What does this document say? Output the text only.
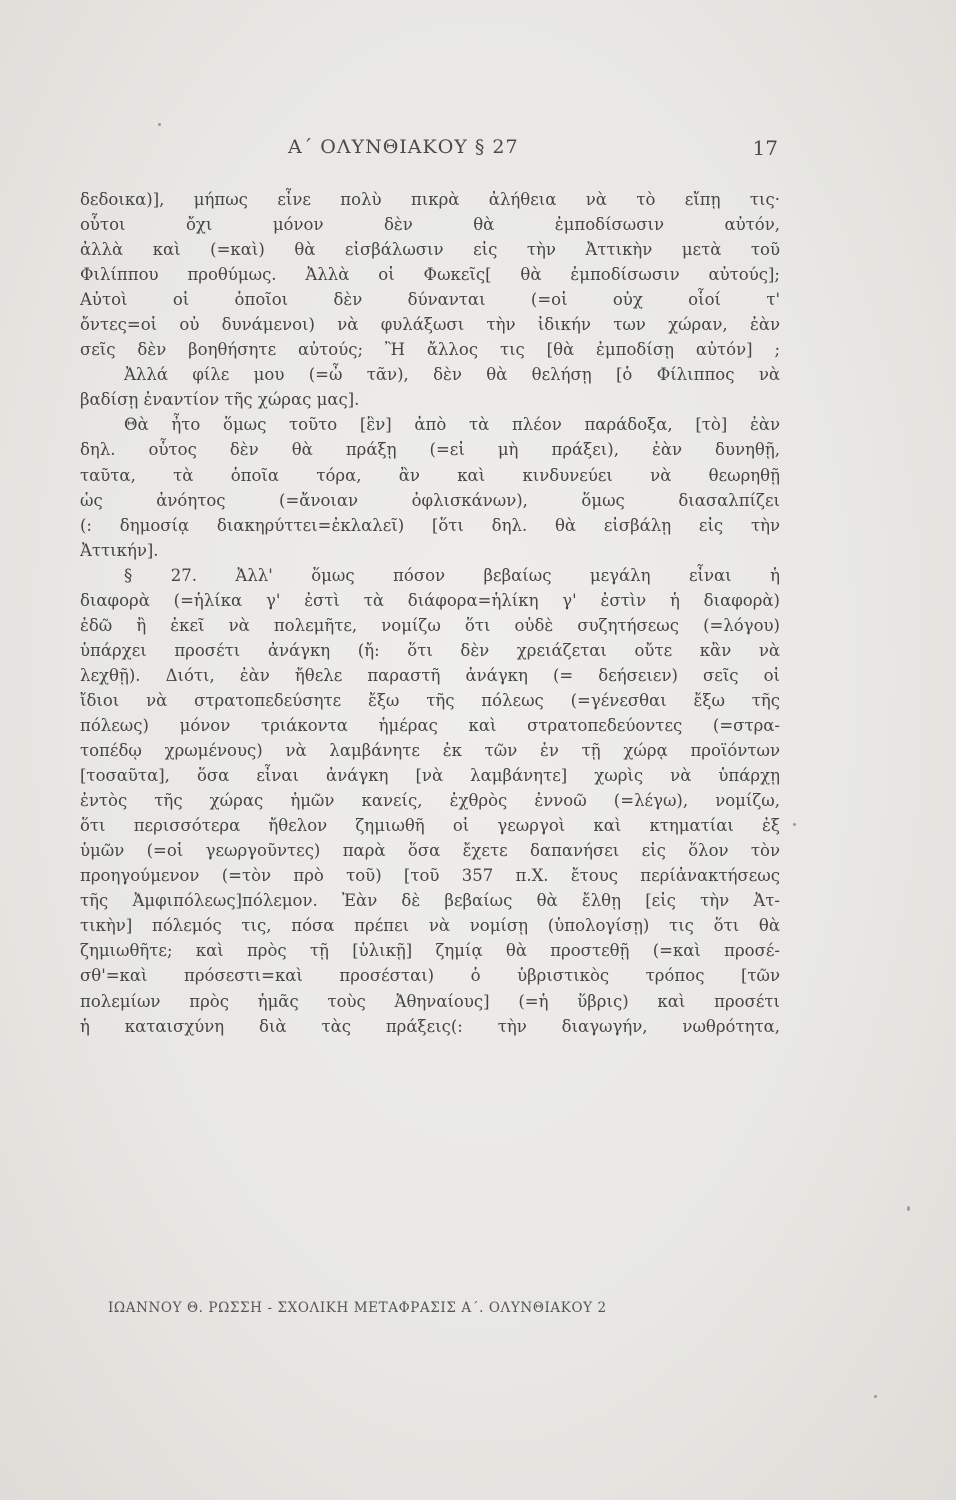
Α΄ ΟΛΥΝΘΙΑΚΟΥ § 27	17
δεδοικα)], μήπως εἶνε πολὺ πικρὰ ἀλήθεια νὰ τὸ εἴπῃ τις·
οὗτοι ὄχι μόνον δὲν θὰ ἐμποδίσωσιν αὐτόν,
ἀλλὰ καὶ (=καὶ) θὰ εἰσβάλωσιν εἰς τὴν Ἀττικὴν μετὰ τοῦ
Φιλίππου προθύμως. Ἀλλὰ οἱ Φωκεῖς[ θὰ ἐμποδίσωσιν αὐτούς];
Αὐτοὶ οἱ ὁποῖοι δὲν δύνανται (=οἱ οὐχ οἷοί τ'
ὄντες=οἱ οὐ δυνάμενοι) νὰ φυλάξωσι τὴν ἰδικήν των χώραν, ἐὰν
σεῖς δὲν βοηθήσητε αὐτούς; Ἢ ἄλλος τις [θὰ ἐμποδίσῃ αὐτόν] ;
Ἀλλά φίλε μου (=ὦ τᾶν), δὲν θὰ θελήσῃ [ὁ Φίλιππος νὰ
βαδίσῃ ἐναντίον τῆς χώρας μας].
Θὰ ἦτο ὅμως τοῦτο [ἓν] ἀπὸ τὰ πλέον παράδοξα, [τὸ] ἐὰν
δηλ. οὗτος δὲν θὰ πράξῃ (=εἰ μὴ πράξει), ἐὰν δυνηθῇ,
ταῦτα, τὰ ὁποῖα τόρα, ἂν καὶ κινδυνεύει νὰ θεωρηθῇ
ὡς ἀνόητος (=ἄνοιαν ὀφλισκάνων), ὅμως διασαλπίζει
(: δημοσίᾳ διακηρύττει=ἐκλαλεῖ) [ὅτι δηλ. θὰ εἰσβάλῃ εἰς τὴν
Ἀττικήν].
§ 27. Ἀλλ' ὅμως πόσον βεβαίως μεγάλη εἶναι ἡ
διαφορὰ (=ἡλίκα γ' ἐστὶ τὰ διάφορα=ἡλίκη γ' ἐστὶν ἡ διαφορὰ)
ἐδῶ ἢ ἐκεῖ νὰ πολεμῆτε, νομίζω ὅτι οὐδὲ συζητήσεως (=λόγου)
ὑπάρχει προσέτι ἀνάγκη (ἤ: ὅτι δὲν χρειάζεται οὔτε κἂν νὰ
λεχθῇ). Διότι, ἐὰν ἤθελε παραστῆ ἀνάγκη (= δεήσειεν) σεῖς οἱ
ἴδιοι νὰ στρατοπεδεύσητε ἔξω τῆς πόλεως (=γένεσθαι ἔξω τῆς
πόλεως) μόνον τριάκοντα ἡμέρας καὶ στρατοπεδεύοντες (=στρα-
τοπέδῳ χρωμένους) νὰ λαμβάνητε ἐκ τῶν ἐν τῇ χώρᾳ προϊόντων
[τοσαῦτα], ὅσα εἶναι ἀνάγκη [νὰ λαμβάνητε] χωρὶς νὰ ὑπάρχῃ
ἐντὸς τῆς χώρας ἡμῶν κανείς, ἐχθρὸς ἐννοῶ (=λέγω), νομίζω,
ὅτι περισσότερα ἤθελον ζημιωθῆ οἱ γεωργοὶ καὶ κτηματίαι ἐξ
ὑμῶν (=οἱ γεωργοῦντες) παρὰ ὅσα ἔχετε δαπανήσει εἰς ὅλον τὸν
προηγούμενον (=τὸν πρὸ τοῦ) [τοῦ 357 π.Χ. ἔτους περίἀνακτήσεως
τῆς Ἀμφιπόλεως]πόλεμον. Ἐὰν δὲ βεβαίως θὰ ἔλθῃ [εἰς τὴν Ἀτ-
τικὴν] πόλεμός τις, πόσα πρέπει νὰ νομίσῃ (ὑπολογίσῃ) τις ὅτι θὰ
ζημιωθῆτε; καὶ πρὸς τῇ [ὑλικῇ] ζημίᾳ θὰ προστεθῇ (=καὶ προσέ-
σθ'=καὶ πρόσεστι=καὶ προσέσται) ὁ ὑβριστικὸς τρόπος [τῶν
πολεμίων πρὸς ἡμᾶς τοὺς Ἀθηναίους] (=ἡ ὕβρις) καὶ προσέτι
ἡ καταισχύνη διὰ τὰς πράξεις(: τὴν διαγωγήν, νωθρότητα,
ΙΩΑΝΝΟΥ Θ. ΡΩΣΣΗ - ΣΧΟΛΙΚΗ ΜΕΤΑΦΡΑΣΙΣ Α΄. ΟΛΥΝΘΙΑΚΟΥ 2
